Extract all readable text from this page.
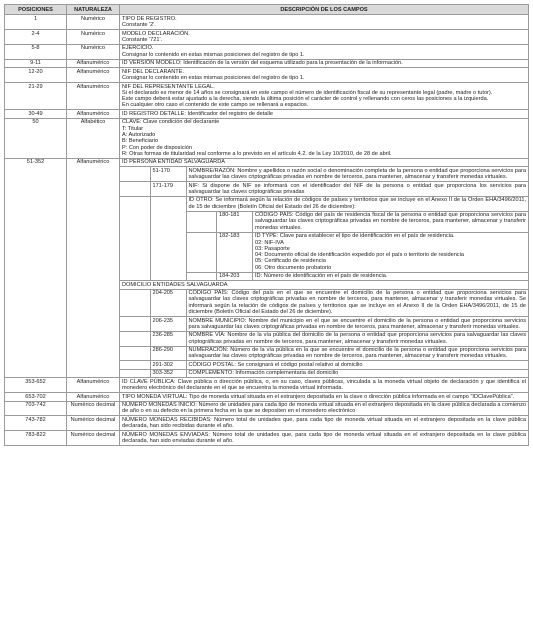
POSICIONES	NATURALEZA	DESCRIPCIÓN DE LOS CAMPOS
1	Numérico	TIPO DE REGISTRO.
Constante '2'.

2-4	Numérico	MODELO DECLARACIÓN.
Constante '721'.

5-8	Numérico	EJERCICIO.
Consignar lo contenido en estas mismas posiciones del registro de tipo 1.

9-11	Alfanumérico	ID VERSIÓN MODELO: Identificación de la versión del esquema utilizado para la presentación de la información.
12-20	Alfanumérico	NIF DEL DECLARANTE.
Consignar lo contenido en estas mismas posiciones del registro de tipo 1.

21-29	Alfanumérico	NIF DEL REPRESENTANTE LEGAL.
Si el declarado es menor de 14 años se consignará en este campo el número de identificación fiscal de su representante legal (padre, madre o tutor).
Este campo deberá estar ajustado a la derecha, siendo la última posición el carácter de control y rellenando con ceros las posiciones a la izquierda.
En cualquier otro caso el contenido de este campo se rellenará a espacios.

30-49	Alfanumérico	ID REGISTRO DETALLE: Identificador del registro de detalle
50	Alfabético	CLAVE: Clave condición del declarante
T: Titular
A: Autorizado
B: Beneficiario
P: Con poder de disposición
R: Otras formas de titularidad real conforme a lo previsto en el artículo 4.2. de la Ley 10/2010, de 28 de abril.

51-352	Alfanumérico	ID PERSONA ENTIDAD SALVAGUARDA
	51-170	NOMBRE/RAZÓN: Nombre y apellidos o razón social o denominación completa de la persona o entidad que proporciona servicios para salvaguardar las claves criptográficas privadas en nombre de terceros, para mantener, almacenar y transferir monedas virtuales.
	171-179	NIF: Si dispone de NIF se informará con el identificador del NIF de la persona o entidad que proporciona los servicios para salvaguardar las claves criptográficas privadas

ID OTRO: Se informará según la relación de códigos de países y territorios que se incluye en el Anexo II de la Orden EHA/3496/2011, de 15 de diciembre (Boletín Oficial del Estado del 26 de diciembre):
	180-181	CÓDIGO PAÍS: Código del país de residencia fiscal de la persona o entidad que proporciona servicios para salvaguardar las claves criptográficas privadas en nombre de terceros, para mantener, almacenar y transferir monedas virtuales.
	182-183	ID TYPE: Clave para establecer el tipo de identificación en el país de residencia.
02: NIF-IVA
03: Pasaporte
04: Documento oficial de identificación expedido por el país o territorio de residencia
05: Certificado de residencia
06: Otro documento probatorio

	184-203	ID: Número de identificación en el país de residencia.

DOMICILIO ENTIDADES SALVAGUARDA
	204-205	CÓDIGO PAÍS: Código del país en el que se encuentre el domicilio de la persona o entidad que proporciona servicios para salvaguardar las claves criptográficas privadas en nombre de terceros, para mantener, almacenar y transferir monedas virtuales. Se informará según la relación de códigos de países y territorios que se incluye en el Anexo II de la Orden EHA/3496/2011, de 15 de diciembre (Boletín Oficial del Estado del 26 de diciembre).
	206-235	NOMBRE MUNICIPIO: Nombre del municipio en el que se encuentre el domicilio de la persona o entidad que proporciona servicios para salvaguardar las claves criptográficas privadas en nombre de terceros, para mantener, almacenar y transferir monedas virtuales.
	236-285	NOMBRE VÍA: Nombre de la vía pública del domicilio de la persona o entidad que proporciona servicios para salvaguardar las claves criptográficas privadas en nombre de terceros, para mantener, almacenar y transferir monedas virtuales.
	286-290	NUMERACIÓN: Número de la vía pública en la que se encuentre el domicilio de la persona o entidad que proporciona servicios para salvaguardar las claves criptográficas privadas en nombre de terceros, para mantener, almacenar y transferir monedas virtuales.
	291-302	CÓDIGO POSTAL: Se consignará el código postal relativo al domicilio
	303-352	COMPLEMENTO: Información complementaria del domicilio

353-652	Alfanumérico	ID CLAVE PÚBLICA: Clave pública o dirección pública, o, en su caso, claves públicas, vinculada a la moneda virtual objeto de declaración y que identifica el monedero electrónico del declarante en el que se encuentra la moneda virtual informada.
653-702	Alfanumérico	TIPO MONEDA VIRTUAL: Tipo de moneda virtual situada en el extranjero depositada en la clave o dirección pública informada en el campo "IDClavePública".
703-742	Numérico decimal	NÚMERO MONEDAS INICIO: Número de unidades para cada tipo de moneda virtual situada en el extranjero depositada en la clave pública declarada a comienzo de año o en su defecto en la primera fecha en la que se depositen en el monedero electrónico
743-782	Numérico decimal	NÚMERO MONEDAS RECIBIDAS: Número total de unidades que, para cada tipo de moneda virtual situada en el extranjero depositada en la clave pública declarada, han sido recibidas durante el año.
783-822	Numérico decimal	NÚMERO MONEDAS ENVIADAS: Número total de unidades que, para cada tipo de moneda virtual situada en el extranjero depositada en la clave pública declarada, han sido enviadas durante el año.
